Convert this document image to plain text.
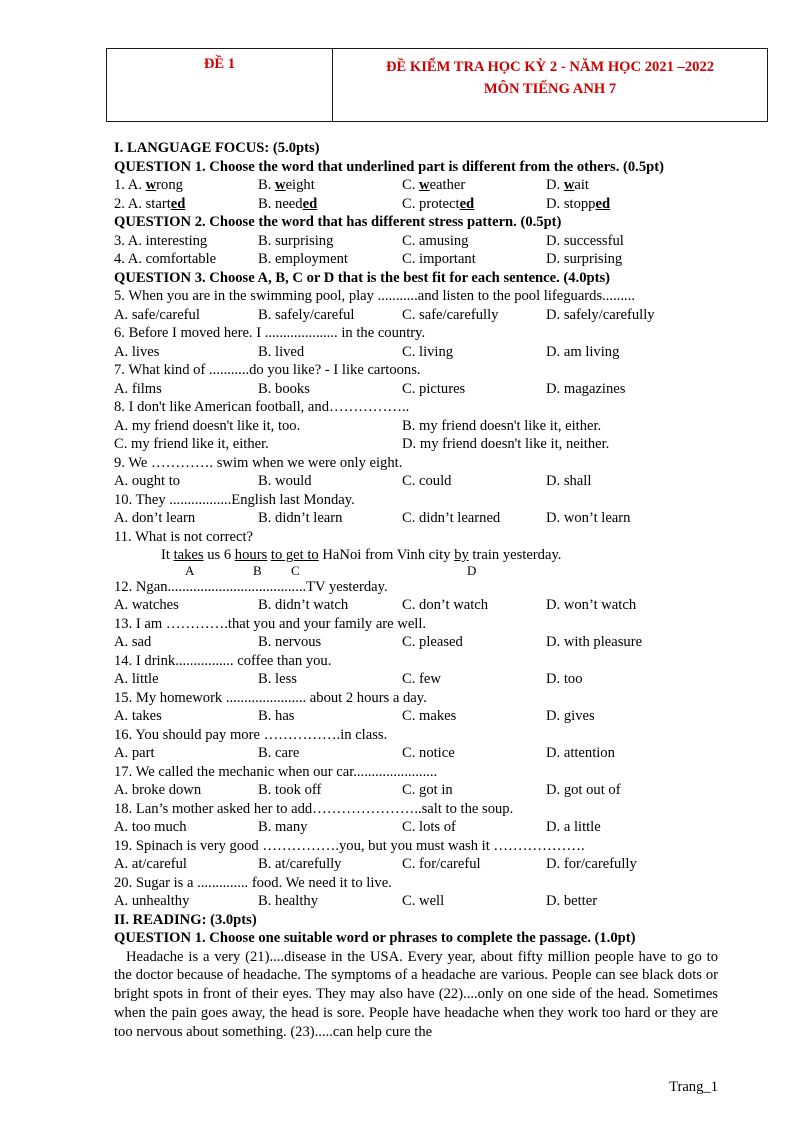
ĐỀ 1	ĐỀ KIỂM TRA HỌC KỲ 2 - NĂM HỌC 2021 –2022
MÔN TIẾNG ANH 7
I. LANGUAGE FOCUS: (5.0pts)
QUESTION 1. Choose the word that underlined part is different from the others. (0.5pt)
1. A. wrong	B. weight	C. weather	D. wait
2. A. started	B. needed	C. protected	D. stopped
QUESTION 2. Choose the word that has different stress pattern. (0.5pt)
3. A. interesting	B. surprising	C. amusing	D. successful
4. A. comfortable	B. employment	C. important	D. surprising
QUESTION 3. Choose A, B, C or D that is the best fit for each sentence. (4.0pts)
5. When you are in the swimming pool, play ...........and listen to the pool lifeguards.........
A. safe/careful	B. safely/careful	C. safe/carefully	D. safely/carefully
6. Before I moved here. I .................... in the country.
A. lives	B. lived	C. living	D. am living
7. What kind of ...........do you like? - I like cartoons.
A. films	B. books	C. pictures	D. magazines
8. I don't like American football, and……………..
A. my friend doesn't like it, too.	B. my friend doesn't like it, either.
C. my friend like it, either.	D. my friend doesn't like it, neither.
9. We …………. swim when we were only eight.
A. ought to	B. would	C. could	D. shall
10. They .................English last Monday.
A. don’t learn	B. didn’t learn	C. didn’t learned	D. won’t learn
11. What is not correct?
It takes us 6 hours to get to HaNoi from Vinh city by train yesterday.
A	B C	D
12. Ngan......................................TV yesterday.
A. watches	B. didn’t watch	C. don’t watch	D. won’t watch
13. I am ………….that you and your family are well.
A. sad	B. nervous	C. pleased	D. with pleasure
14. I drink................ coffee than you.
A. little	B. less	C. few	D. too
15. My homework ...................... about 2 hours a day.
A. takes	B. has	C. makes	D. gives
16. You should pay more …………….in class.
A. part	B. care	C. notice	D. attention
17. We called the mechanic when our car.......................
A. broke down	B. took off	C. got in	D. got out of
18. Lan’s mother asked her to add…………………..salt to the soup.
A. too much	B. many	C. lots of	D. a little
19. Spinach is very good …………….you, but you must wash it ……………….
A. at/careful	B. at/carefully	C. for/careful	D. for/carefully
20. Sugar is a .............. food. We need it to live.
A. unhealthy	B. healthy	C. well	D. better
II. READING: (3.0pts)
QUESTION 1. Choose one suitable word or phrases to complete the passage. (1.0pt)
Headache is a very (21)....disease in the USA. Every year, about fifty million people have to go to the doctor because of headache. The symptoms of a headache are various. People can see black dots or bright spots in front of their eyes. They may also have (22)....only on one side of the head. Sometimes when the pain goes away, the head is sore. People have headache when they work too hard or they are too nervous about something. (23).....can help cure the
Trang_1
